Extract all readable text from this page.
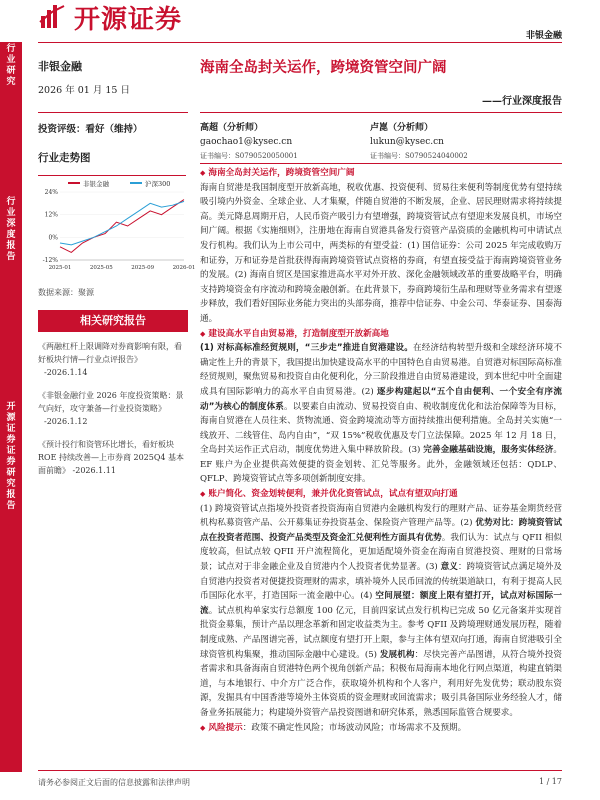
开源证券
非银金融
行业研究
行业深度报告
开源证券 证券研究报告
非银金融
2026 年 01 月 15 日
投资评级：看好（维持）
行业走势图
非银金融	沪深300
24%
12%
0%
-12%
2025-01	2025-05	2025-09	2026-01
数据来源：聚源
相关研究报告
《两融杠杆上限调降对券商影响有限，看好板块行情—行业点评报告》
-2026.1.14
《非银金融行业 2026 年度投资策略：景气向好，攻守兼备—行业投资策略》
-2026.1.12
《预计投行和资管环比增长，看好板块 ROE 持续改善—上市券商 2025Q4 基本面前瞻》 -2026.1.11
海南全岛封关运作，跨境资管空间广阔
——行业深度报告
高超（分析师）
gaochao1@kysec.cn
证书编号：S0790520050001
卢崑（分析师）
lukun@kysec.cn
证书编号：S0790524040002
◆ 海南全岛封关运作，跨境资管空间广阔
海南自贸港是我国制度型开放新高地，税收优惠、投资便利、贸易往来便利等制度优势有望持续吸引境内外资金、全球企业、人才集聚，伴随自贸港的不断发展，企业、居民理财需求将持续提高。美元降息周期开启，人民币资产吸引力有望增强，跨境资管试点有望迎来发展良机，市场空间广阔。根据《实施细则》，注册地在海南自贸港具备发行资管产品资质的金融机构可申请试点发行机构。我们认为上市公司中，两类标的有望受益：(1) 国信证券：公司 2025 年完成收购万和证券，万和证券是首批获得海南跨境资管试点资格的券商，有望直接受益于海南跨境资管业务的发展。(2) 海南自贸区是国家推进高水平对外开放、深化金融领域改革的重要战略平台，明确支持跨境资金有序流动和跨境金融创新。在此背景下，券商跨境衍生品和理财等业务需求有望逐步释放，我们看好国际业务能力突出的头部券商，推荐中信证券、中金公司、华泰证券、国泰海通。
◆ 建设高水平自由贸易港，打造制度型开放新高地
(1) 对标高标准经贸规则，“三步走”推进自贸港建设。在经济结构转型升级和全球经济环境不确定性上升的背景下，我国提出加快建设高水平的中国特色自由贸易港。自贸港对标国际高标准经贸规则，聚焦贸易和投资自由化便利化，分三阶段推进自由贸易港建设，到本世纪中叶全面建成具有国际影响力的高水平自由贸易港。(2) 逐步构建起以“五个自由便利、一个安全有序流动”为核心的制度体系。以要素自由流动、贸易投资自由、税收制度优化和法治保障等为目标，海南自贸港在人员往来、货物流通、资金跨境流动等方面持续推出便利措施。全岛封关实施“一线放开、二线管住、岛内自由”，“双 15%”税收优惠及专门立法保障。2025 年 12 月 18 日，全岛封关运作正式启动，制度优势进入集中释放阶段。(3) 完善金融基础设施，服务实体经济。EF 账户为企业提供高效便捷的资金划转、汇兑等服务。此外，金融领域还包括：QDLP、QFLP、跨境资管试点等多项创新制度安排。
◆ 账户简化、资金划转便利，兼并优化资管试点，试点有望双向打通
(1) 跨境资管试点指境外投资者投资海南自贸港内金融机构发行的理财产品、证券基金期货经营机构私募资管产品、公开募集证券投资基金、保险资产管理产品等。(2) 优势对比：跨境资管试点在投资者范围、投资产品类型及资金汇兑便利性方面具有优势。我们认为：试点与 QFII 相似度较高，但试点较 QFII 开户流程简化，更加适配境外资金在海南自贸港投资、理财的日常场景；试点对于非金融企业及自贸港内个人投资者优势显著。(3) 意义：跨境资管试点满足境外及自贸港内投资者对便捷投资理财的需求，填补境外人民币回流的传统渠道缺口，有利于提高人民币国际化水平，打造国际一流金融中心。(4) 空间展望：额度上限有望打开，试点对标国际一流。试点机构单家实行总额度 100 亿元，目前四家试点发行机构已完成 50 亿元备案并实现首批资金募集，预计产品以理念革新和固定收益类为主。参考 QFII 及跨境理财通发展历程，随着制度成熟、产品图谱完善，试点额度有望打开上限，参与主体有望双向打通，海南自贸港吸引全球资管机构集聚，推动国际金融中心建设。(5) 发展机构：尽快完善产品图谱，从符合境外投资者需求和具备海南自贸港特色两个视角创新产品；积极布局海南本地化行网点渠道，构建直销渠道，与本地银行、中介方广泛合作，获取境外机构和个人客户，利用好先发优势；联动股东资源，发掘具有中国香港等境外主体资质的资金理财或回流需求；吸引具备国际业务经验人才，储备业务拓展能力；构建境外资管产品投资图谱和研究体系，熟悉国际监管合规要求。
◆ 风险提示：政策不确定性风险；市场波动风险；市场需求不及预期。
请务必参阅正文后面的信息披露和法律声明	1 / 17
